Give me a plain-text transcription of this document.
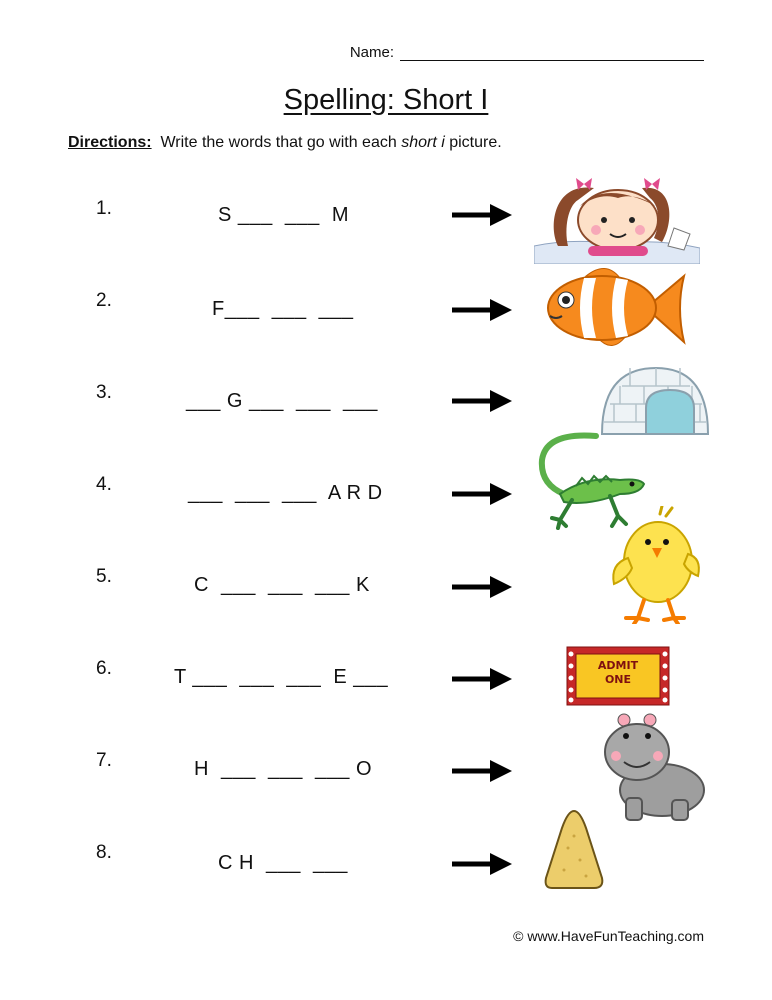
Name:
Spelling: Short I
Directions: Write the words that go with each short i picture.
1.	S ___  ___  M
2.	F___  ___  ___
3.	___ G ___  ___  ___
4.	___  ___  ___  A R D
5.	C  ___  ___  ___ K
6.	T ___  ___  ___  E ___
ADMIT
ONE
7.	H  ___  ___  ___ O
8.	C H  ___  ___
© www.HaveFunTeaching.com
